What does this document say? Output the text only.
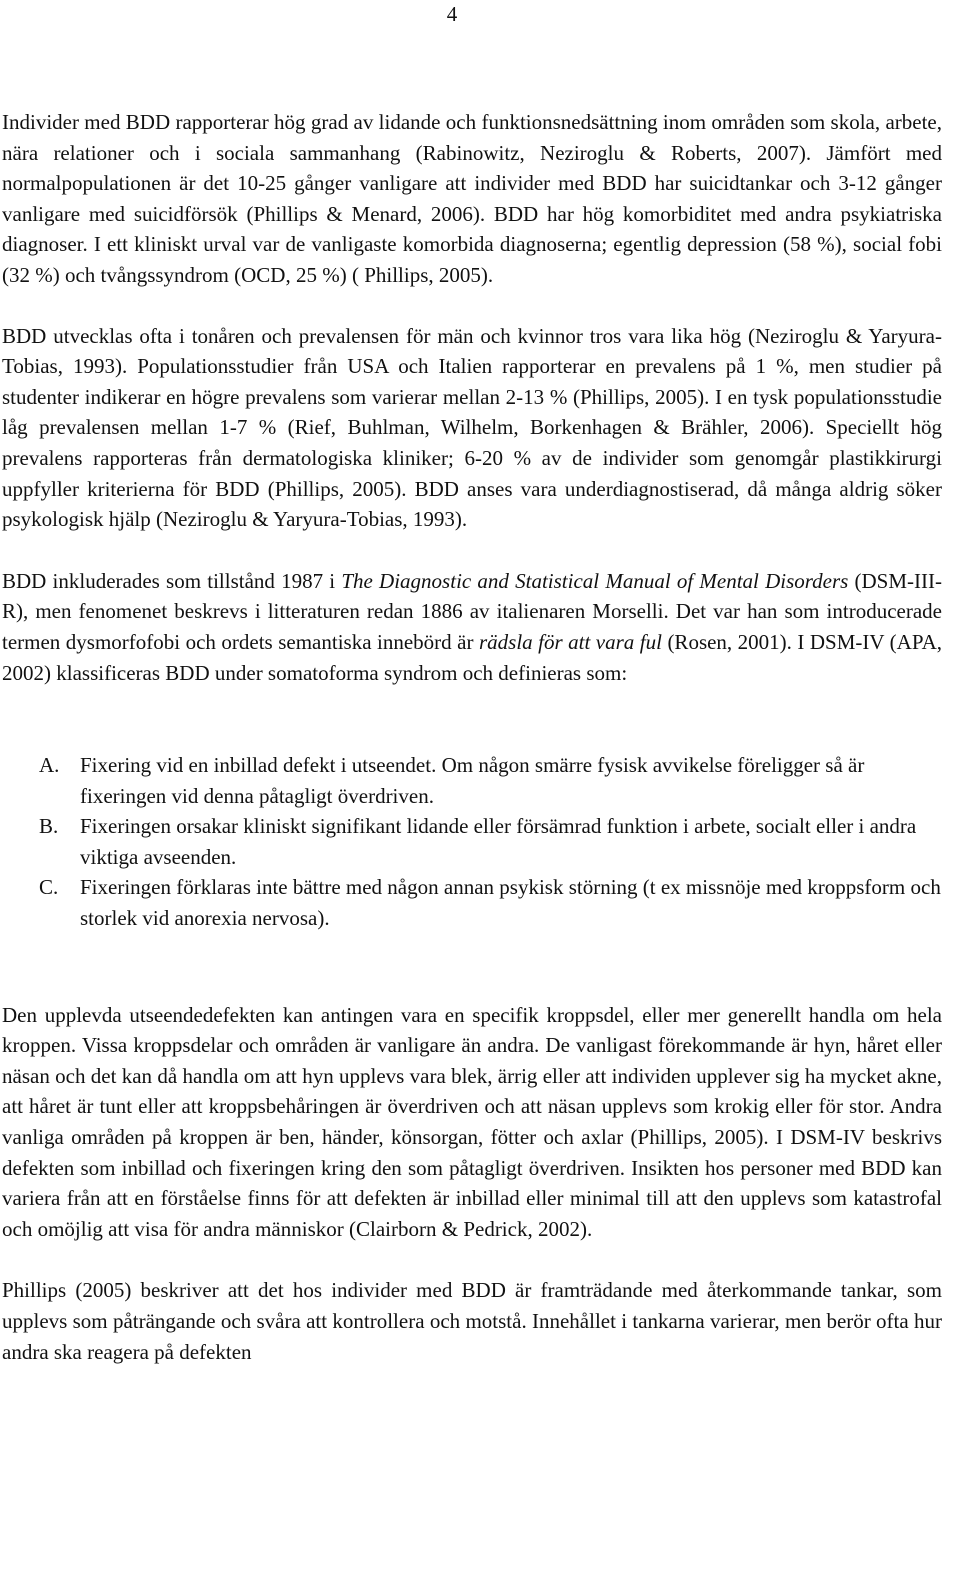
4

Individer med BDD rapporterar hög grad av lidande och funktionsnedsättning inom områden som skola, arbete, nära relationer och i sociala sammanhang (Rabinowitz, Neziroglu & Roberts, 2007). Jämfört med normalpopulationen är det 10-25 gånger vanligare att individer med BDD har suicidtankar och 3-12 gånger vanligare med suicidförsök (Phillips & Menard, 2006). BDD har hög komorbiditet med andra psykiatriska diagnoser. I ett kliniskt urval var de vanligaste komorbida diagnoserna; egentlig depression (58 %), social fobi (32 %) och tvångssyndrom (OCD, 25 %) ( Phillips, 2005).

BDD utvecklas ofta i tonåren och prevalensen för män och kvinnor tros vara lika hög (Neziroglu & Yaryura-Tobias, 1993). Populationsstudier från USA och Italien rapporterar en prevalens på 1 %, men studier på studenter indikerar en högre prevalens som varierar mellan 2-13 % (Phillips, 2005). I en tysk populationsstudie låg prevalensen mellan 1-7 % (Rief, Buhlman, Wilhelm, Borkenhagen & Brähler, 2006). Speciellt hög prevalens rapporteras från dermatologiska kliniker; 6-20 % av de individer som genomgår plastikkirurgi uppfyller kriterierna för BDD (Phillips, 2005). BDD anses vara underdiagnostiserad, då många aldrig söker psykologisk hjälp (Neziroglu & Yaryura-Tobias, 1993).

BDD inkluderades som tillstånd 1987 i The Diagnostic and Statistical Manual of Mental Disorders (DSM-III-R), men fenomenet beskrevs i litteraturen redan 1886 av italienaren Morselli. Det var han som introducerade termen dysmorfofobi och ordets semantiska innebörd är rädsla för att vara ful (Rosen, 2001). I DSM-IV (APA, 2002) klassificeras BDD under somatoforma syndrom och definieras som:

A. Fixering vid en inbillad defekt i utseendet. Om någon smärre fysisk avvikelse föreligger så är fixeringen vid denna påtagligt överdriven.
B. Fixeringen orsakar kliniskt signifikant lidande eller försämrad funktion i arbete, socialt eller i andra viktiga avseenden.
C. Fixeringen förklaras inte bättre med någon annan psykisk störning (t ex missnöje med kroppsform och storlek vid anorexia nervosa).

Den upplevda utseendedefekten kan antingen vara en specifik kroppsdel, eller mer generellt handla om hela kroppen. Vissa kroppsdelar och områden är vanligare än andra. De vanligast förekommande är hyn, håret eller näsan och det kan då handla om att hyn upplevs vara blek, ärrig eller att individen upplever sig ha mycket akne, att håret är tunt eller att kroppsbehåringen är överdriven och att näsan upplevs som krokig eller för stor. Andra vanliga områden på kroppen är ben, händer, könsorgan, fötter och axlar (Phillips, 2005). I DSM-IV beskrivs defekten som inbillad och fixeringen kring den som påtagligt överdriven. Insikten hos personer med BDD kan variera från att en förståelse finns för att defekten är inbillad eller minimal till att den upplevs som katastrofal och omöjlig att visa för andra människor (Clairborn & Pedrick, 2002).

Phillips (2005) beskriver att det hos individer med BDD är framträdande med återkommande tankar, som upplevs som påträngande och svåra att kontrollera och motstå. Innehållet i tankarna varierar, men berör ofta hur andra ska reagera på defekten
